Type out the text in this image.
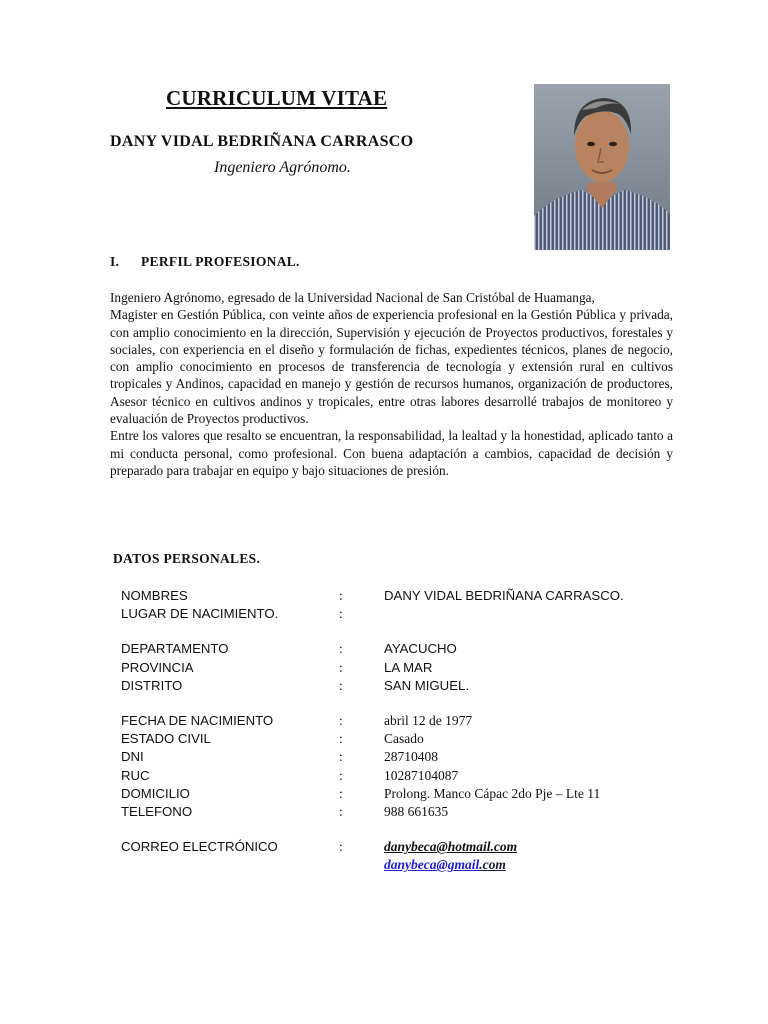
CURRICULUM VITAE
DANY VIDAL BEDRIÑANA CARRASCO

Ingeniero Agrónomo.

I. PERFIL PROFESIONAL.

Ingeniero Agrónomo, egresado de la Universidad Nacional de San Cristóbal de Huamanga,

Magister en Gestión Pública, con veinte años de experiencia profesional en la Gestión Pública y privada, con amplio conocimiento en la dirección, Supervisión y ejecución de Proyectos productivos, forestales y sociales, con experiencia en el diseño y formulación de fichas, expedientes técnicos, planes de negocio, con amplio conocimiento en procesos de transferencia de tecnología y extensión rural en cultivos tropicales y Andinos, capacidad en manejo y gestión de recursos humanos, organización de productores, Asesor técnico en cultivos andinos y tropicales, entre otras labores desarrollé trabajos de monitoreo y evaluación de Proyectos productivos.

Entre los valores que resalto se encuentran, la responsabilidad, la lealtad y la honestidad, aplicado tanto a mi conducta personal, como profesional. Con buena adaptación a cambios, capacidad de decisión y preparado para trabajar en equipo y bajo situaciones de presión.

DATOS PERSONALES.
NOMBRES	:	DANY VIDAL BEDRIÑANA CARRASCO.
LUGAR DE NACIMIENTO.	:
DEPARTAMENTO	:	AYACUCHO
PROVINCIA	:	LA MAR
DISTRITO	:	SAN MIGUEL.
FECHA DE NACIMIENTO	:	abril 12 de 1977
ESTADO CIVIL	:	Casado
DNI	:	28710408
RUC	:	10287104087
DOMICILIO	:	Prolong. Manco Cápac 2do Pje – Lte 11
TELEFONO	:	988 661635
CORREO ELECTRÓNICO	:	danybeca@hotmail.com
danybeca@gmail.com
